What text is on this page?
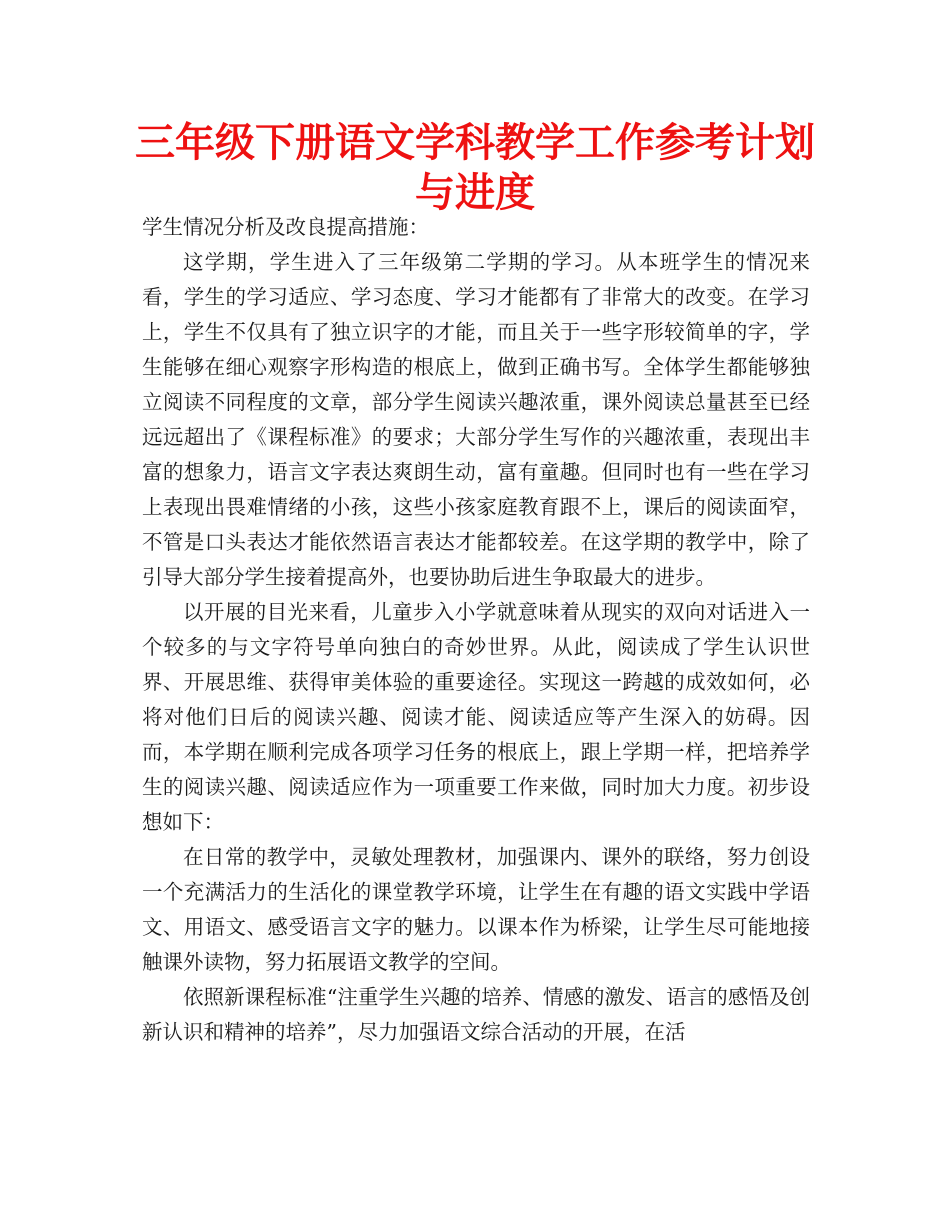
三年级下册语文学科教学工作参考计划与进度

学生情况分析及改良提高措施：

这学期，学生进入了三年级第二学期的学习。从本班学生的情况来看，学生的学习适应、学习态度、学习才能都有了非常大的改变。在学习上，学生不仅具有了独立识字的才能，而且关于一些字形较简单的字，学生能够在细心观察字形构造的根底上，做到正确书写。全体学生都能够独立阅读不同程度的文章，部分学生阅读兴趣浓重，课外阅读总量甚至已经远远超出了《课程标准》的要求；大部分学生写作的兴趣浓重，表现出丰富的想象力，语言文字表达爽朗生动，富有童趣。但同时也有一些在学习上表现出畏难情绪的小孩，这些小孩家庭教育跟不上，课后的阅读面窄，不管是口头表达才能依然语言表达才能都较差。在这学期的教学中，除了引导大部分学生接着提高外，也要协助后进生争取最大的进步。

以开展的目光来看，儿童步入小学就意味着从现实的双向对话进入一个较多的与文字符号单向独白的奇妙世界。从此，阅读成了学生认识世界、开展思维、获得审美体验的重要途径。实现这一跨越的成效如何，必将对他们日后的阅读兴趣、阅读才能、阅读适应等产生深入的妨碍。因而，本学期在顺利完成各项学习任务的根底上，跟上学期一样，把培养学生的阅读兴趣、阅读适应作为一项重要工作来做，同时加大力度。初步设想如下：

在日常的教学中，灵敏处理教材，加强课内、课外的联络，努力创设一个充满活力的生活化的课堂教学环境，让学生在有趣的语文实践中学语文、用语文、感受语言文字的魅力。以课本作为桥梁，让学生尽可能地接触课外读物，努力拓展语文教学的空间。

依照新课程标准“注重学生兴趣的培养、情感的激发、语言的感悟及创新认识和精神的培养”，尽力加强语文综合活动的开展，在活
